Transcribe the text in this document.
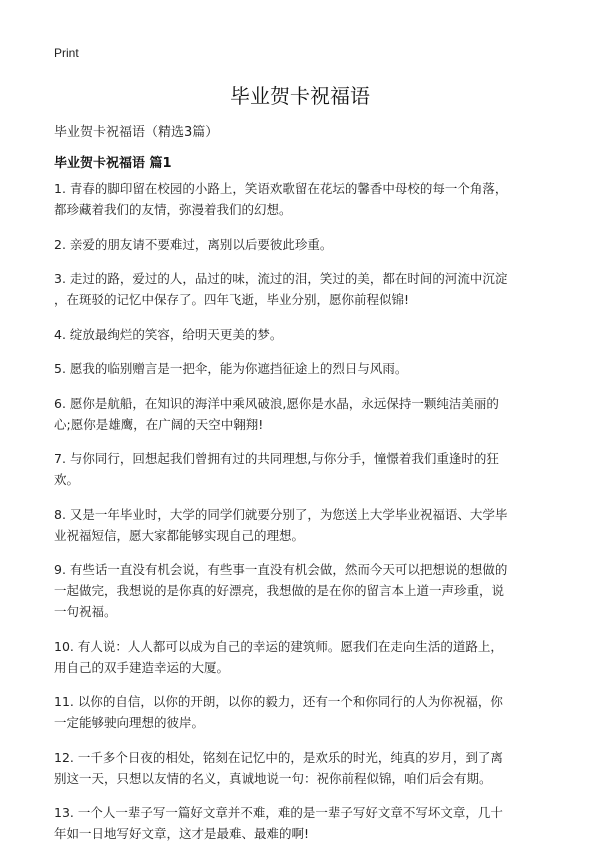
Print
毕业贺卡祝福语
毕业贺卡祝福语（精选3篇）
毕业贺卡祝福语 篇1

1. 青春的脚印留在校园的小路上，笑语欢歌留在花坛的馨香中母校的每一个角落，
都珍藏着我们的友情，弥漫着我们的幻想。

2. 亲爱的朋友请不要难过，离别以后要彼此珍重。

3. 走过的路，爱过的人，品过的味，流过的泪，笑过的美，都在时间的河流中沉淀
，在斑驳的记忆中保存了。四年飞逝，毕业分别，愿你前程似锦!

4. 绽放最绚烂的笑容，给明天更美的梦。

5. 愿我的临别赠言是一把伞，能为你遮挡征途上的烈日与风雨。

6. 愿你是航船，在知识的海洋中乘风破浪,愿你是水晶，永远保持一颗纯洁美丽的
心;愿你是雄鹰，在广阔的天空中翱翔!

7. 与你同行，回想起我们曾拥有过的共同理想,与你分手，憧憬着我们重逢时的狂
欢。

8. 又是一年毕业时，大学的同学们就要分别了，为您送上大学毕业祝福语、大学毕
业祝福短信，愿大家都能够实现自己的理想。

9. 有些话一直没有机会说，有些事一直没有机会做，然而今天可以把想说的想做的
一起做完，我想说的是你真的好漂亮，我想做的是在你的留言本上道一声珍重，说
一句祝福。

10. 有人说：人人都可以成为自己的幸运的建筑师。愿我们在走向生活的道路上，
用自己的双手建造幸运的大厦。

11. 以你的自信，以你的开朗，以你的毅力，还有一个和你同行的人为你祝福，你
一定能够驶向理想的彼岸。

12. 一千多个日夜的相处，铭刻在记忆中的，是欢乐的时光，纯真的岁月，到了离
别这一天，只想以友情的名义，真诚地说一句：祝你前程似锦，咱们后会有期。

13. 一个人一辈子写一篇好文章并不难，难的是一辈子写好文章不写坏文章，几十
年如一日地写好文章，这才是最难、最难的啊!
